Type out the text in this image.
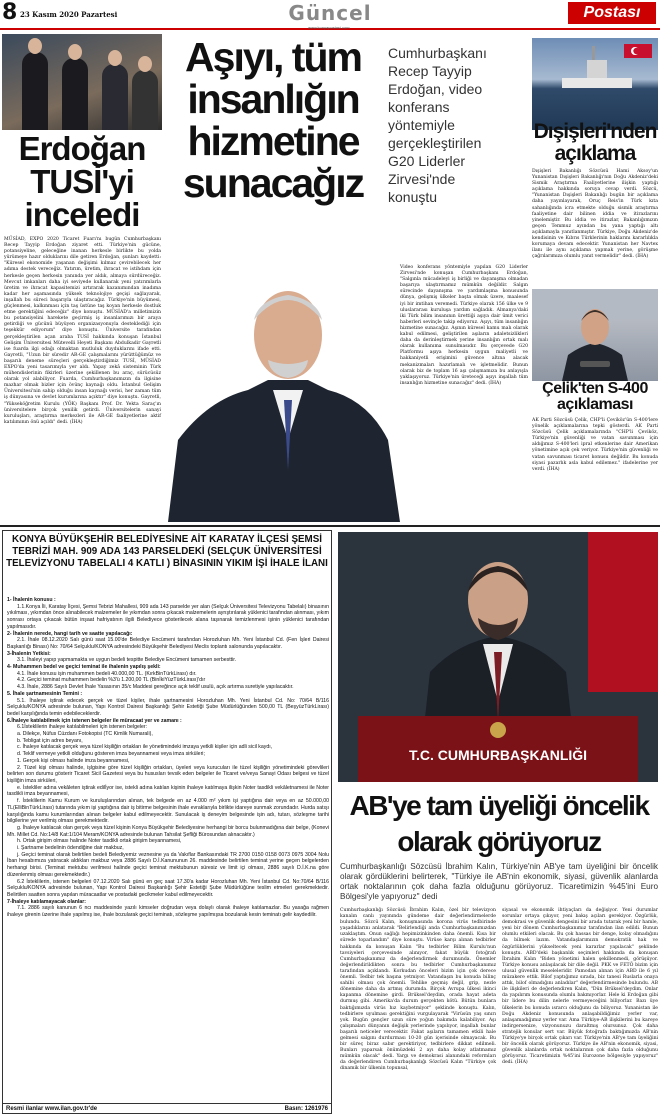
8 23 Kasım 2020 Pazartesi	Güncel
www.konyapostasi.com
Postası
Erdoğan TUSİ'yi inceledi
MÜSİAD, EXPO 2020 Ticaret Fuarı'nı bugün Cumhurbaşkanı Recep Tayyip Erdoğan ziyaret etti. Türkiye'nin gücüne, potansiyeline, geleceğine inanan herkesle birlikte bu yolda yürümeye hazır olduklarını dile getiren Erdoğan, şunları kaydetti: "Küresel ekonomide yaşanan değişimi kılmaz çevirebilecek her adıma destek vereceğiz. Yatırım, üretim, ihracat ve istihdam için herkesle geçen herkesin yanında yer aldık, almaya sürdüreceğiz. Mevcut imkanları daha iyi seviyede kullanarak yeni yatırımlarla üretim ve ihracat kapasitemizi artırarak kazanımından inadıma kadar her aşamasında yüksek teknolojiye geçişi sağlayarak, inşallah bu süreci başarıyla ulaştıracağız. Türkiye'nin büyümesi, güçlenmesi, kalkınması için taş üstüne taş koyan herkesle dostluk etme gerektiğini edeceğiz" diye konuştu. MÜSİAD'a milletimizin bu potansiyelini harekete geçirmiş iş insanlarımızı bir araya getirdiği ve gücünü büyüyen organizasyonuyla desteklediği için teşekkür ediyorum" diye konuştu. Üniversite tarafından gerçekleştirilen açan araba TUSİ hakkında konuşan İstanbul Gelişim Üniversitesi Mütevelli Heyeti Başkanı Abdulkadir Gayretli ise fuarda ilgi odağı olmaktan mutluluk duyduklarını ifade etti. Gayretli, "Uzun bir süredir AR-GE çalışmalarını yürüttüğümüz ve başarılı deneme süreçleri gerçekleştirdiğimiz TUSİ, MÜSİAD EXPO'da yeni tasarımıyla yer aldı. Yapay zekâ sisteminin Türk mühendislerinin fikirleri üzerine şekillenen bu araç, sürücüsüz olarak yol alabiliyor. Fuarda, Cumhurbaşkanımızın da ilgisine mazhar olmak bizler için övünç kaynağı oldu. İstanbul Gelişim Üniversitesi'nin sahip olduğu insan kaynağı verisi, her zaman tüm iş dünyasına ve devlet kurumlarına açıktır" diye konuştu. Gayretli, "Yükseköğretim Kurulu (YÖK) Başkanı Prof. Dr. Yekta Saraç'ın üniversitelere birçok yenilik getirdi. Üniversitelerin sanayi kuruluşları, araştırma merkezleri ile AR-GE faaliyetlerine aktif katılımının önü açıldı" dedi. (İHA)
Aşıyı, tüm insanlığın hizmetine sunacağız
Cumhurbaşkanı Recep Tayyip Erdoğan, video konferans yöntemiyle gerçekleştirilen G20 Liderler Zirvesi'nde konuştu
Video konferans yöntemiyle yapılan G20 Liderler Zirvesi'nde konuşan Cumhurbaşkanı Erdoğan, "Salgınla mücadeleyi iş birliği ve dayanışma olmadan başarıya ulaştırmamız mümkün değildir. Salgın sürecinde dayanışma ve yardımlaşma konusunda dünya, gelişmiş ülkeler başta olmak üzere, maalesef iyi bir imtihan veremedi. Türkiye olarak 156 ülke ve 9 uluslararası kuruluşa yardım sağladık. Almanya'daki iki Türk bilim insanının ürettiği aşıya dair ümit verici haberleri sevinçle takip ediyoruz. Aşıyı, tüm insanlığın hizmetine sunacağız. Aşının küresel kamu malı olarak kabul edilmesi, geliştirilen aşıların adaletsizlikleri daha da derinleştirmek yerine insanlığın ortak malı olarak kullanıma sunulmasıdır. Bu çerçevede G20 Platformu aşıya herkesin uygun maliyetli ve hakkaniyetli erişimini güvence altına alacak mekanizmaları hazırlamalı ve işletmelidir. Bunun olarak biz de toplam 16 aşı çalışmamıza bu anlayışla yaklaşıyoruz. Türkiye'nin üreteceği aşıyı inşallah tüm insanlığın hizmetine sunacağız" dedi. (İHA)
Dışişleri'nden açıklama
Dışişleri Bakanlığı Sözcüsü Hami Aksoy'un Yunanistan Dışişleri Bakanlığı'nın Doğu Akdeniz'deki Sismik Araştırma Faaliyetlerine ilişkin yaptığı açıklama hakkında soruya cevap verdi. Sözcü, "Yunanistan Dışişleri Bakanlığı bugün bir açıklama daha yayınlayarak, Oruç Reis'in Türk kıta sahanlığında icra etmekte olduğu sismik araştırma faaliyetine dair bilinen iddia ve itirazlarını yinelemiştir. Bu iddia ve itirazlar, Bakanlığımızın geçen Temmuz ayından bu yana yaptığı altı açıklamayla yanıtlanmıştır. Türkiye, Doğu Akdeniz'de kendisinin ve Kıbrıs Türklerinin haklarını kararlılıkla korumaya devam edecektir. Yunanistan her Navtex ilanı ile aynı açıklama yapmak yerine, görüşme çağrılarımıza olumlu yanıt vermelidir" dedi. (İHA)
Çelik'ten S-400 açıklaması
AK Parti Sözcüsü Çelik, CHP'li Çeviköz'ün S-400'lere yönelik açıklamalarına tepki gösterdi. AK Parti Sözcüsü Çelik açıklamalarında "CHP'li Çeviköz, Türkiye'nin güvenliği ve vatan savunması için aldığımız S-400'leri ipral etkenlerine dair Amerikan yönetimine açık çek veriyor. Türkiye'nin güvenliği ve vatan savunması ticaret konusu değildir. Bu konuda siyasi pazarlık asla kabul edilemez." ifadelerine yer verdi. (İHA)
KONYA BÜYÜKŞEHİR BELEDİYESİNE AİT KARATAY İLÇESİ ŞEMSİ TEBRİZİ MAH. 909 ADA 143 PARSELDEKİ (SELÇUK ÜNİVERSİTESİ TELEVİZYONU TABELALI 4 KATLI ) BİNASININ YIKIM İŞİ İHALE İLANI
1- İhalenin konusu :
1.1.Konya İli, Karatay İlçesi, Şemsi Tebrizi Mahallesi, 909 ada 143 parselde yer alan (Selçuk Üniversitesi Televizyonu Tabelalı) binasının yıkılması, yıkımdan önce alınabilecek malzemeler ile yıkımdan sonra çıkacak malzemelerin ayrıştırılarak yüklenici tarafından alınması, yıkım sonrası ortaya çıkacak bütün inşaat hafriyatının ilgili Belediyece gösterilecek alana taşınarak temizlenmesi işinin yüklenici tarafından yapılmasıdır.
2- İhalenin nerede, hangi tarih ve saatte yapılacağı:
2.1. İhale 08.12.2020 Salı günü saat 15.00'de Belediye Encümeni tarafından Horozluhan Mh. Yeni İstanbul Cd. (Fen İşleri Dairesi Başkanlığı Binası) No: 70/64 Selçuklu/KONYA adresindeki Büyükşehir Belediyesi Meclis toplantı salonunda yapılacaktır.
3-İhalenin Yetkisi:
3.1. İhaleyi yapıp yapmamakta ve uygun bedeli tespitte Belediye Encümeni tamamen serbesttir.
4- Muhammen bedel ve geçici teminat ile ihalenin yapılış şekli:
4.1. İhale konusu işin muhammen bedeli 40.000,00 TL. (KırkBinTürkLirası) dır.
4.2. Geçici teminat muhammen bedelin %3'ü 1.200,00 TL (BinİkiYüzTürkLirası)'dır
4.3. İhale, 2886 Sayılı Devlet İhale Yasasının 35/c Maddesi gereğince açık teklif usulü, açık artırma suretiyle yapılacaktır.
5. İhale şartnamesinin Temini :
5.1. İhaleye iştirak edecek gerçek ve tüzel kişiler, ihale şartnamesini Horozluhan Mh. Yeni İstanbul Cd. No: 70/64 B/116 Selçuklu/KONYA adresinde bulunan, Yapı Kontrol Dairesi Başkanlığı Şehir Estetiği Şube Müdürlüğünden 500,00 TL (BeşyüzTürkLirası) bedel karşılığında temin edebileceklerdir.
6.İhaleye katılabilmek için istenen belgeler ile müracaat yer ve zamanı :
6.1İsteklilerin ihaleye katılabilmeleri için istenen belgeler:
a. Dilekçe, Nüfus Cüzdanı Fotokopisi (TC Kimlik Numarali),
b. Tebligat için adres beyanı,
c. İhaleye katılacak gerçek veya tüzel kişiliğin ortakları ile yönetimindeki imzaya yetkili kişiler için adli sicil kaydı,
d. Teklif vermeye yetkili olduğunu gösteren imza beyannamesi veya imza sirküleri;
1. Gerçek kişi olması halinde imza beyannamesi,
2. Tüzel kişi olması halinde, işlgisine göre tüzel kişiliğin ortakları, üyeleri veya kurucuları ile tüzel kişiliğin yönetimindeki görevlileri belirten son durumu gösterir Ticaret Sicil Gazetesi veya bu hususları tevsik eden belgeler ile Ticaret ve/veya Sanayi Odası belgesi ve tüzel kişiliğin imza sirküleri,
e. İstekliler adına vekâleten iştirak edilİyor ise, istekli adına katılan kişinin ihaleye katılmaya ilişkin Noter tasdikli vekâletnamesi ile Noter tasdikli imza beyannamesi,
f. İsteklilerin Kamu Kurum ve kuruluşlarından alınan, tek belgede en az 4.000 m² yıkım işi yaptığına dair veya en az 50.000,00 TL(ElliBinTürkLirası) tutarında yıkım işi yaptığına dair iş bitirme belgesinin ihale evraklarıyla birlikte idareye sunmak zorundadır. Hurda satışı karşılığında kamu kurumlarından alınan belgeler kabul edilmeyecektir. Sunulacak iş deneyim belgesinde işin adı, tutarı, sözleşme tarihi bilgilerine yer verilmiş olması gerekmektedir.
g. İhaleye katılacak olan gerçek veya tüzel kişinin Konya Büyükşehir Belediyesine herhangi bir borcu bulunmadığına dair belge, (Konevi Mh. Millet Cd. No:14/8 Kat:1/104 Meram/KONYA adresinde bulunan Tahsilat Şefliği Bürosundan alınacaktır.)
h. Ortak girişim olması halinde Noter tasdikli ortak girişim beyannamesi,
i. Şartname bedelinin ödendiğine dair makbuz,
j. Geçici teminat olarak belirtilen bedeli Belediyemiz veznesine ya da Vakıflar Bankasındaki TR 2700 0150 0158 0073 0975 3004 Nolu İban hesabımıza yatıracak aldıkları makbuz veya 2886 Sayılı D.İ.Kanununun 26. maddesinde belirtilen teminat yerine geçen belgelerden herhangi birisi. (Teminat mektubu verilmesi halinde geçici teminat mektubunun süresiz ve limit içi olması, 2886 sayılı D.İ.K.na göre düzenlenmiş olması gerekmektedir.)
6.2 İsteklilerin, istenen belgeleri 07.12.2020 Salı günü en geç saat 17.30'a kadar Horozluhan Mh. Yeni İstanbul Cd. No:70/64 B/116 Selçuklu/KONYA adresinde bulunan, Yapı Kontrol Dairesi Başkanlığı Şehir Estetiği Şube Müdürlüğüne teslim etmeleri gerekmektedir. Belirtilen saatten sonra yapılan müracaatlar ve postadaki gecikmeler kabul edilmeyecektir.
7-İhaleye katılamayacak olanlar:
7.1. 2886 sayılı kanunun 6 ncı maddesinde yazılı kimseler doğrudan veya dolaylı olarak ihaleye katılamazlar. Bu yasağa rağmen ihaleye girenin üzerine ihale yapılmış ise, ihale bozularak geçici teminatı, sözleşme yapılmışsa bozularak kesin teminatı gelir kaydedilir.
Resmi ilanlar www.ilan.gov.tr'de	Basın: 1261976
T.C. CUMHURBAŞKANLIĞI
AB'ye tam üyeliği öncelik olarak görüyoruz
Cumhurbaşkanlığı Sözcüsü İbrahim Kalın, Türkiye'nin AB'ye tam üyeliğini bir öncelik olarak gördüklerini belirterek, "Türkiye ile AB'nin ekonomik, siyasi, güvenlik alanlarda ortak noktalarının çok daha fazla olduğunu görüyoruz. Ticaretimizin %45'ini Euro Bölgesi'yle yapıyoruz" dedi
Cumhurbaşkanlığı Sözcüsü İbrahim Kalın, özel bir televizyon kanalın canlı yayınında gündeme dair değerlendirmelerde bulundu. Sözcü Kalın, konuşmasında korona virüs tedbirinde yaşadıklarını anlatarak "Belirlendiği anda Cumhurbaşkanımızdan uzaklaştım. Onun sağlığı hepimizinkinden daha önemli. Kısa bir sürede toparlandım" diye konuştu. Virüse karşı alınan tedbirler hakkında da konuşan Kalın "Bu tedbirler Bilim Kurulu'nun tavsiyeleri çerçevesinde alınıyor, fakat büyük fotoğrafı Cumhurbaşkanımız da değerlendirmek durumunda. Önemler değerlendirildikten sonra bu tedbirler Cumhurbaşkanımız tarafından açıklandı. Korkudan önceleri bizim için çok derece önemli. Tedbir tek başına yetmiyor. Vatandaşın bu konuda bilinç sahibi olması çok önemli. Tehlike geçmiş değil, grip, nezle dönemine daha da artmış durumda. Birçok Avrupa ülkesi ikinci kapanma dönemine girdi. Brüksel'deydim, orada hayat adeta durmuş gibi. Amerika'da durum gerçekten kötü. Bütün bunlara baktığımızda virüs hız kaybetmiyor" şeklinde konuştu. Kalın, tedbirlere uyulması gerektiğini vurgulayarak "Virüsün yaş sınırı yok. Bugün gençler uzun süre yoğun bakımda kalabiliyor. Aşı çalışmaları dünyanın değişik yerlerinde yapılıyor, inşallah bunlar başarılı neticeler verecektir. Fakat aşıların tamamen etkili hale gelmesi salgını durdurması 10-20 gün içerisinde olmayacak. Bu bir süreç biraz sabır gerektiriyor, tedbirlere dikkat edilmeli. Bunları yaparsak önümüzdeki 2 ayı daha kolay atlatmamız mümkün olacak" dedi. Yargı ve demokrasi alanındaki reformları da değerlendiren Cumhurbaşkanlığı Sözcüsü Kalın "Türkiye çok dinamik bir ülkenin topunsal,
siyasal ve ekonomik ihtiyaçları da değişiyor. Yeni durumlar sorunlar ortaya çıkıyor, yeni bakış açıları gerekiyor. Özgürlük, demokrasi ve güvenlik dengesini bir arada tutarak yeni bir hamle, yeni bir dönem Cumhurbaşkanımız tarafından ilan edildi. Bunun olumlu etkileri olacak. Bu çok hassas bir denge, kolay olmadığını da bilmek lazım. Vatandaşlarımızın demokratik hak ve özgürlüklerini yükseltecek yeni kararlar yapılacak" şeklinde konuştu. ABD'deki başkanlık seçimleri hakkında da konuşan İbrahim Kalın "Biden yönetimi halen şekillenmedi, görüşüyor. Türkiye konusu anlaşılacak bir dile değil. PKK ve FETÖ bizim için ulusal güvenlik meseleleridir. Pamodan alınan için ABD ile 6 yıl müzakere ettik. Bilof yaptığımız sırada, biz tanesi Ruslarla onaya attık, bilof olmadığını anladılar" değerlendirmesinde bulundu. AB ile ilişkileri de değerlendiren Kalın, "Dün Brüksel'deydim. Onlar da yapılırım konusunda olumlu bakmıyorlar. Hele ki Erdoğan gibi bir lidere bu dilin nelerle vermeyeceğini biliyorlar. Bazı üye ülkelerin bu konuda ısrarcı olduğunu da biliyoruz. Yunanistan ile Doğu Akdeniz konusunda anlaşabildiğimiz yerler var, anlaşamadığımız yerler var. Ama Türkiye-AB ilişkilerini bu kareye indirgersenize, vizyonunuzu daraltmış olursunuz. Çok daha stratejik konular sert var. Büyük fotoğrafa baktığımızda AB'nin Türkiye'ye birçok ortak çıkarı var. Türkiye'nin AB'ye tam üyeliğini bir öncelik olarak görüyoruz. Türkiye ile AB'nin ekonomik, siyasi, güvenlik alanlarda ortak noktalarının çok daha fazla olduğunu görüyoruz. Ticaretimizin %45'ini Eurozone bölgesiyle yapıyoruz" dedi. (İHA)
